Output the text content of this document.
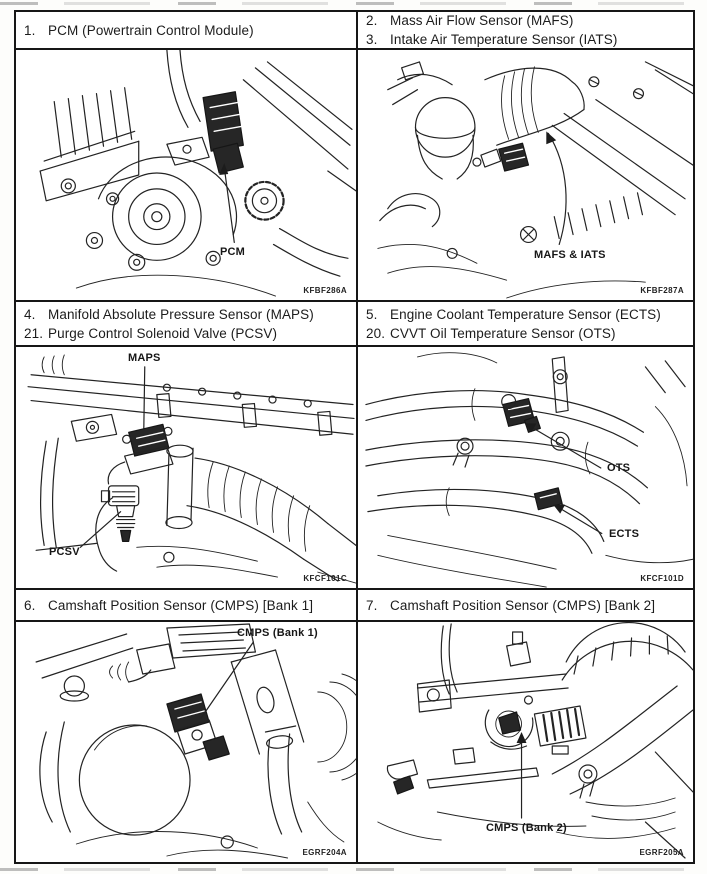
1. PCM (Powertrain Control Module)
2. Mass Air Flow Sensor (MAFS)
3. Intake Air Temperature Sensor (IATS)
PCM
KFBF286A
MAFS & IATS
KFBF287A
4. Manifold Absolute Pressure Sensor (MAPS)
21. Purge Control Solenoid Valve (PCSV)
5. Engine Coolant Temperature Sensor (ECTS)
20. CVVT Oil Temperature Sensor (OTS)
MAPS
PCSV
KFCF101C
OTS
ECTS
KFCF101D
6. Camshaft Position Sensor (CMPS) [Bank 1]	7. Camshaft Position Sensor (CMPS) [Bank 2]
CMPS (Bank 1)
EGRF204A
CMPS (Bank 2)
EGRF205A
